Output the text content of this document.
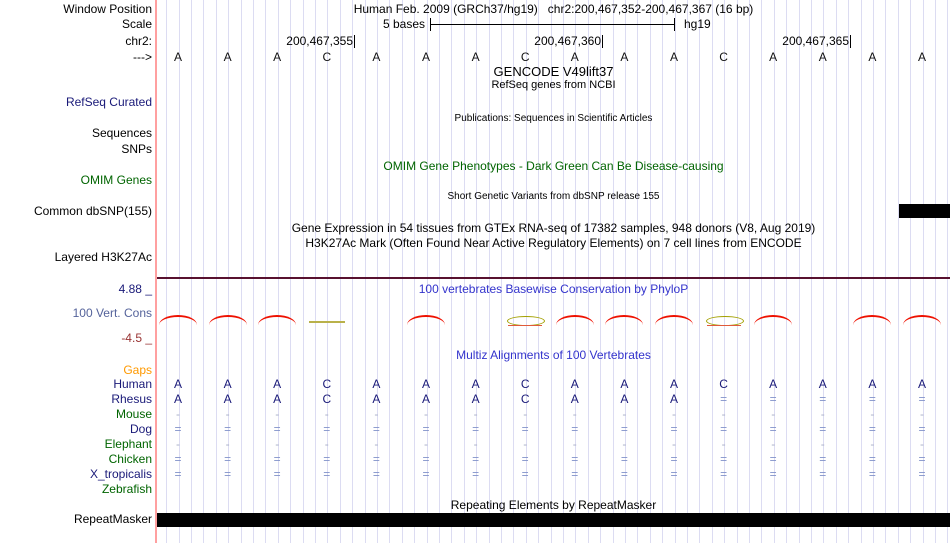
Window Position	Human Feb. 2009 (GRCh37/hg19)   chr2:200,467,352-200,467,367 (16 bp)
Scale	5 bases	hg19
chr2:	200,467,355	200,467,360	200,467,365
--->	A	A	A	C	A	A	A	C	A	A	A	C	A	A	A	A
GENCODE V49lift37
RefSeq genes from NCBI
RefSeq Curated
Publications: Sequences in Scientific Articles
Sequences
SNPs
OMIM Gene Phenotypes - Dark Green Can Be Disease-causing
OMIM Genes
Short Genetic Variants from dbSNP release 155
Common dbSNP(155)
Gene Expression in 54 tissues from GTEx RNA-seq of 17382 samples, 948 donors (V8, Aug 2019)
H3K27Ac Mark (Often Found Near Active Regulatory Elements) on 7 cell lines from ENCODE
Layered H3K27Ac
4.88 _	100 vertebrates Basewise Conservation by PhyloP
100 Vert. Cons
-4.5 _
Multiz Alignments of 100 Vertebrates
Gaps
Human	A	A	A	C	A	A	A	C	A	A	A	C	A	A	A	A
Rhesus	A	A	A	C	A	A	A	C	A	A	A	=	=	=	=	=
Mouse	-	-	-	-	-	-	-	-	-	-	-	-	-	-	-	-
Dog	=	=	=	=	=	=	=	=	=	=	=	=	=	=	=	=
Elephant	-	-	-	-	-	-	-	-	-	-	-	-	-	-	-	-
Chicken	=	=	=	=	=	=	=	=	=	=	=	=	=	=	=	=
X_tropicalis	=	=	=	=	=	=	=	=	=	=	=	=	=	=	=	=
Zebrafish
Repeating Elements by RepeatMasker
RepeatMasker
